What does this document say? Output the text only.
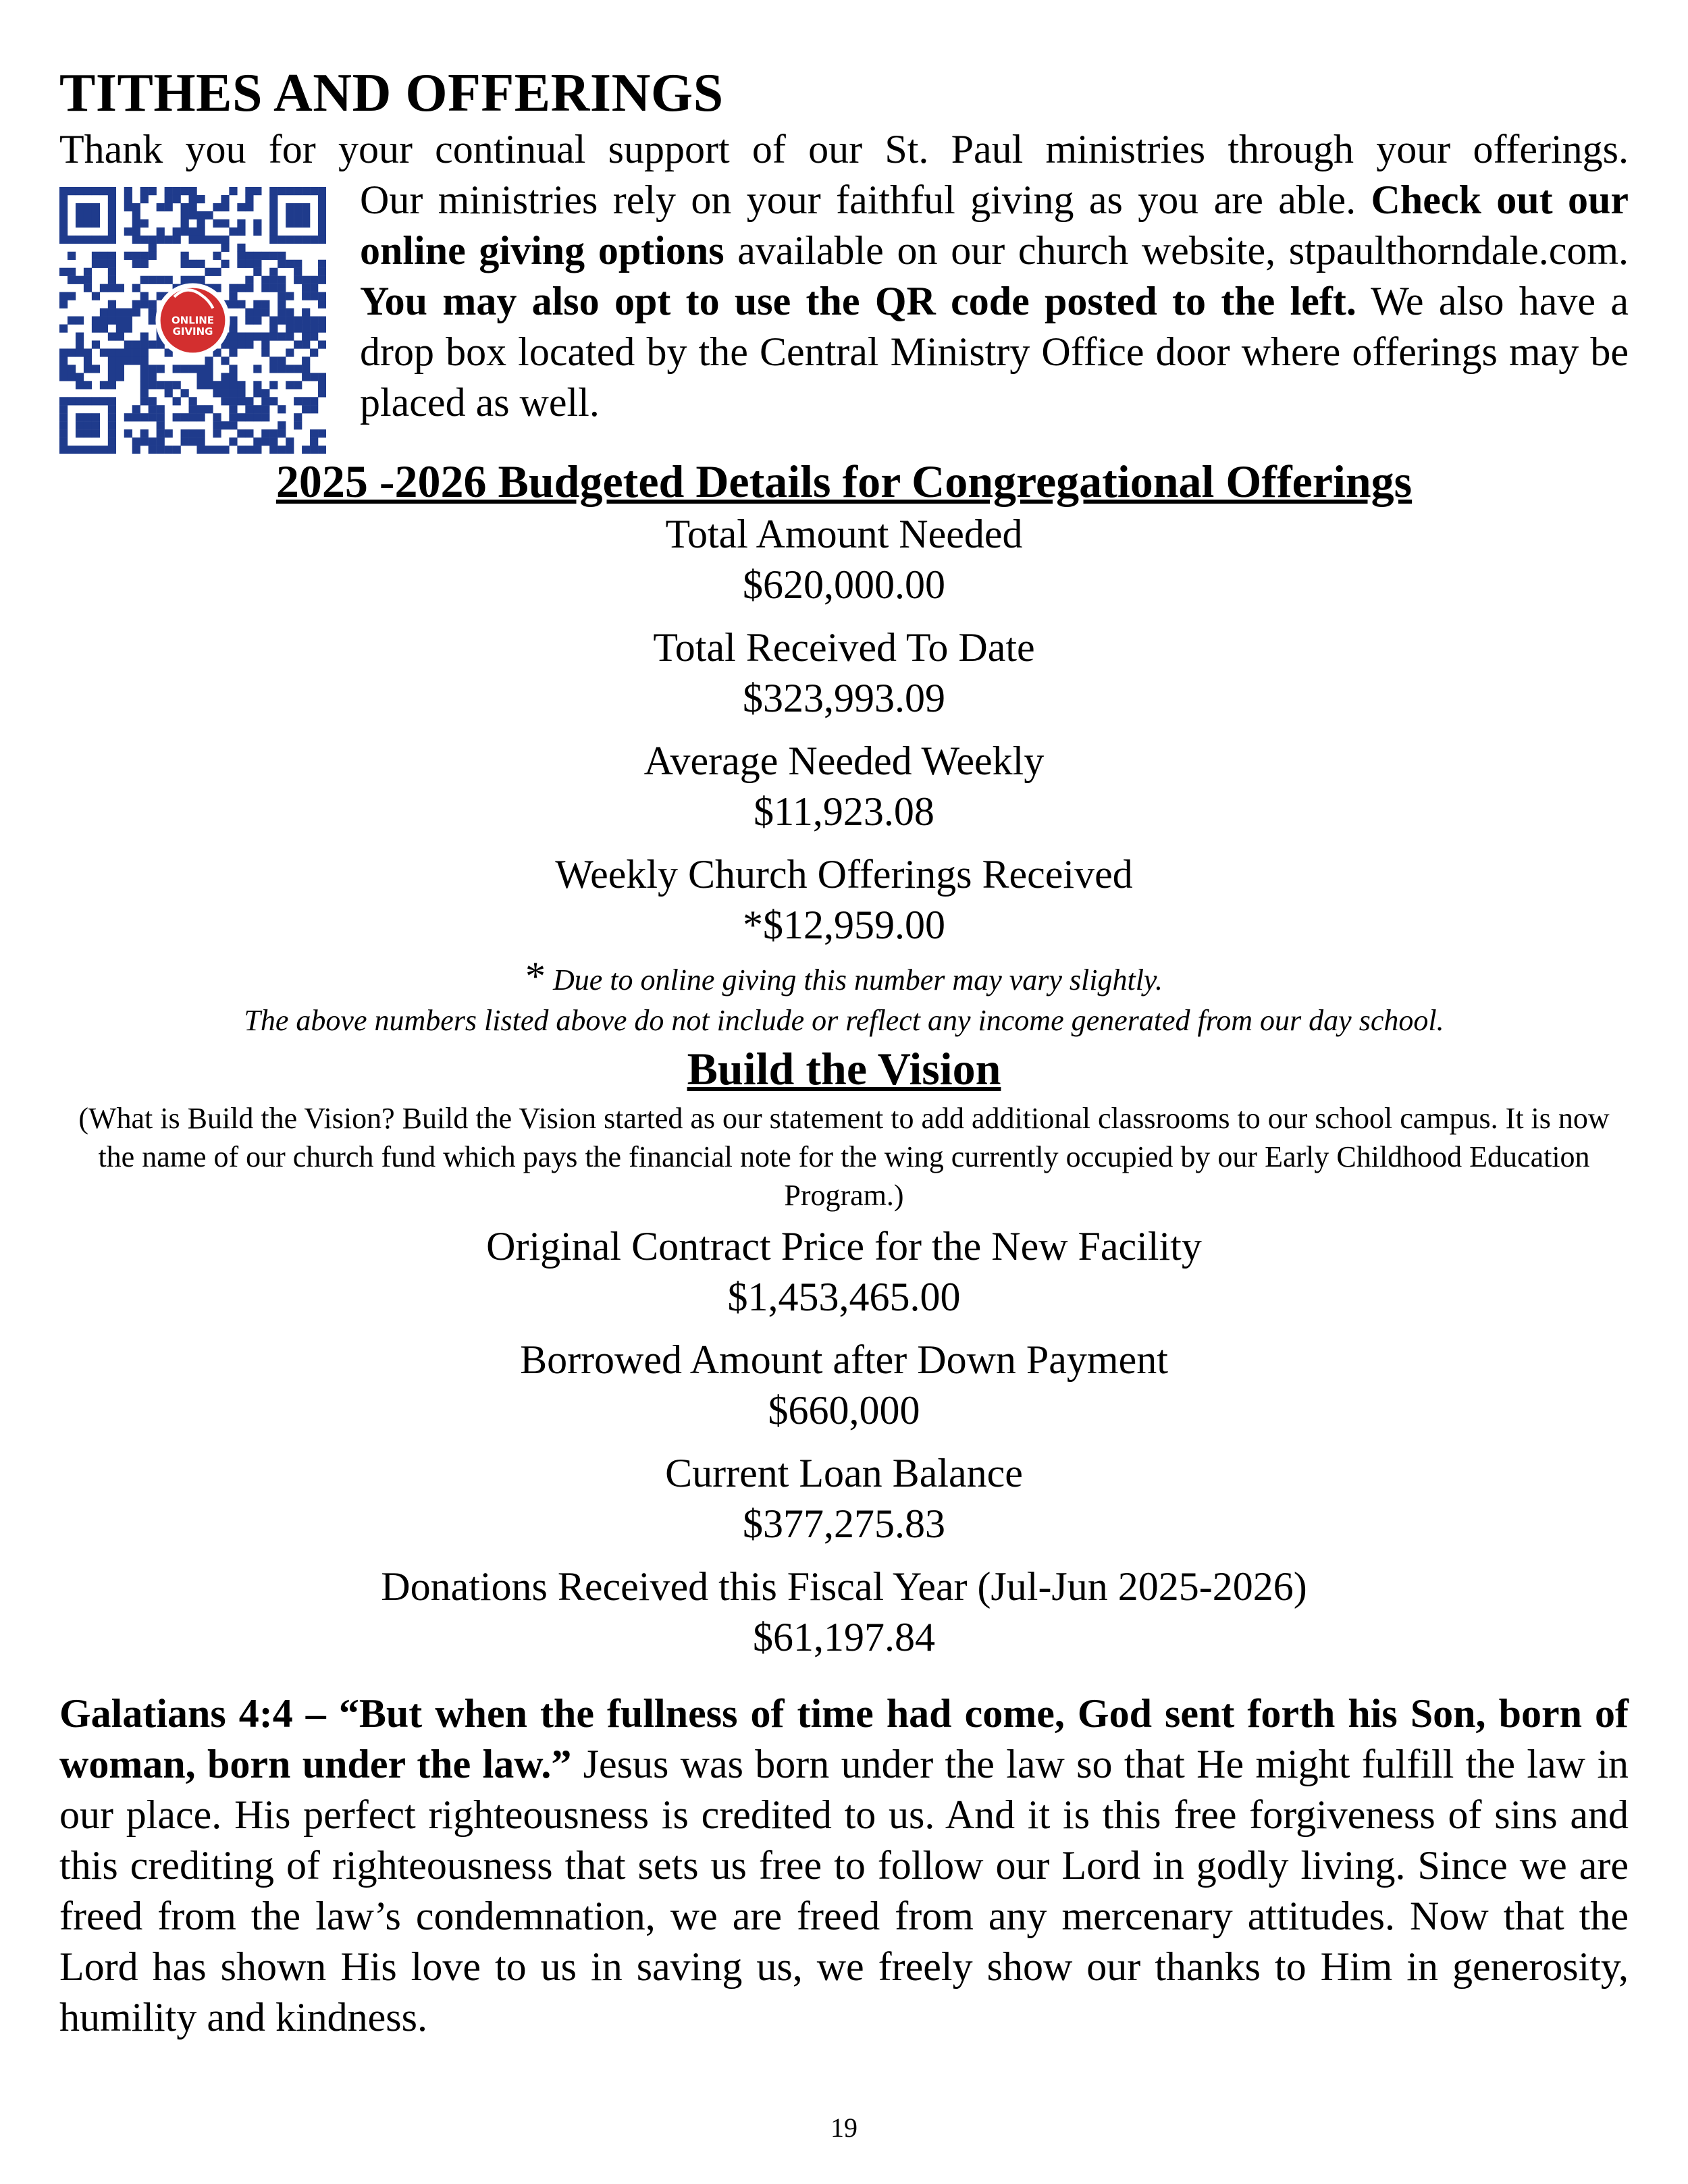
TITHES AND OFFERINGS

Thank you for your continual support of our St. Paul ministries through your offerings.

ONLINE
GIVING

Our ministries rely on your faithful giving as you are able. Check out our online giving options available on our church website, stpaulthorndale.com. You may also opt to use the QR code posted to the left. We also have a drop box located by the Central Ministry Office door where offerings may be placed as well.

2025 -2026 Budgeted Details for Congregational Offerings
Total Amount Needed
$620,000.00
Total Received To Date
$323,993.09
Average Needed Weekly
$11,923.08
Weekly Church Offerings Received
*$12,959.00
* Due to online giving this number may vary slightly.
The above numbers listed above do not include or reflect any income generated from our day school.
Build the Vision
(What is Build the Vision? Build the Vision started as our statement to add additional classrooms to our school campus. It is now the name of our church fund which pays the financial note for the wing currently occupied by our Early Childhood Education Program.)
Original Contract Price for the New Facility
$1,453,465.00
Borrowed Amount after Down Payment
$660,000
Current Loan Balance
$377,275.83
Donations Received this Fiscal Year (Jul-Jun 2025-2026)
$61,197.84

Galatians 4:4 – “But when the fullness of time had come, God sent forth his Son, born of woman, born under the law.” Jesus was born under the law so that He might fulfill the law in our place. His perfect righteousness is credited to us. And it is this free forgiveness of sins and this crediting of righteousness that sets us free to follow our Lord in godly living. Since we are freed from the law’s condemnation, we are freed from any mercenary attitudes. Now that the Lord has shown His love to us in saving us, we freely show our thanks to Him in generosity, humility and kindness.

19
